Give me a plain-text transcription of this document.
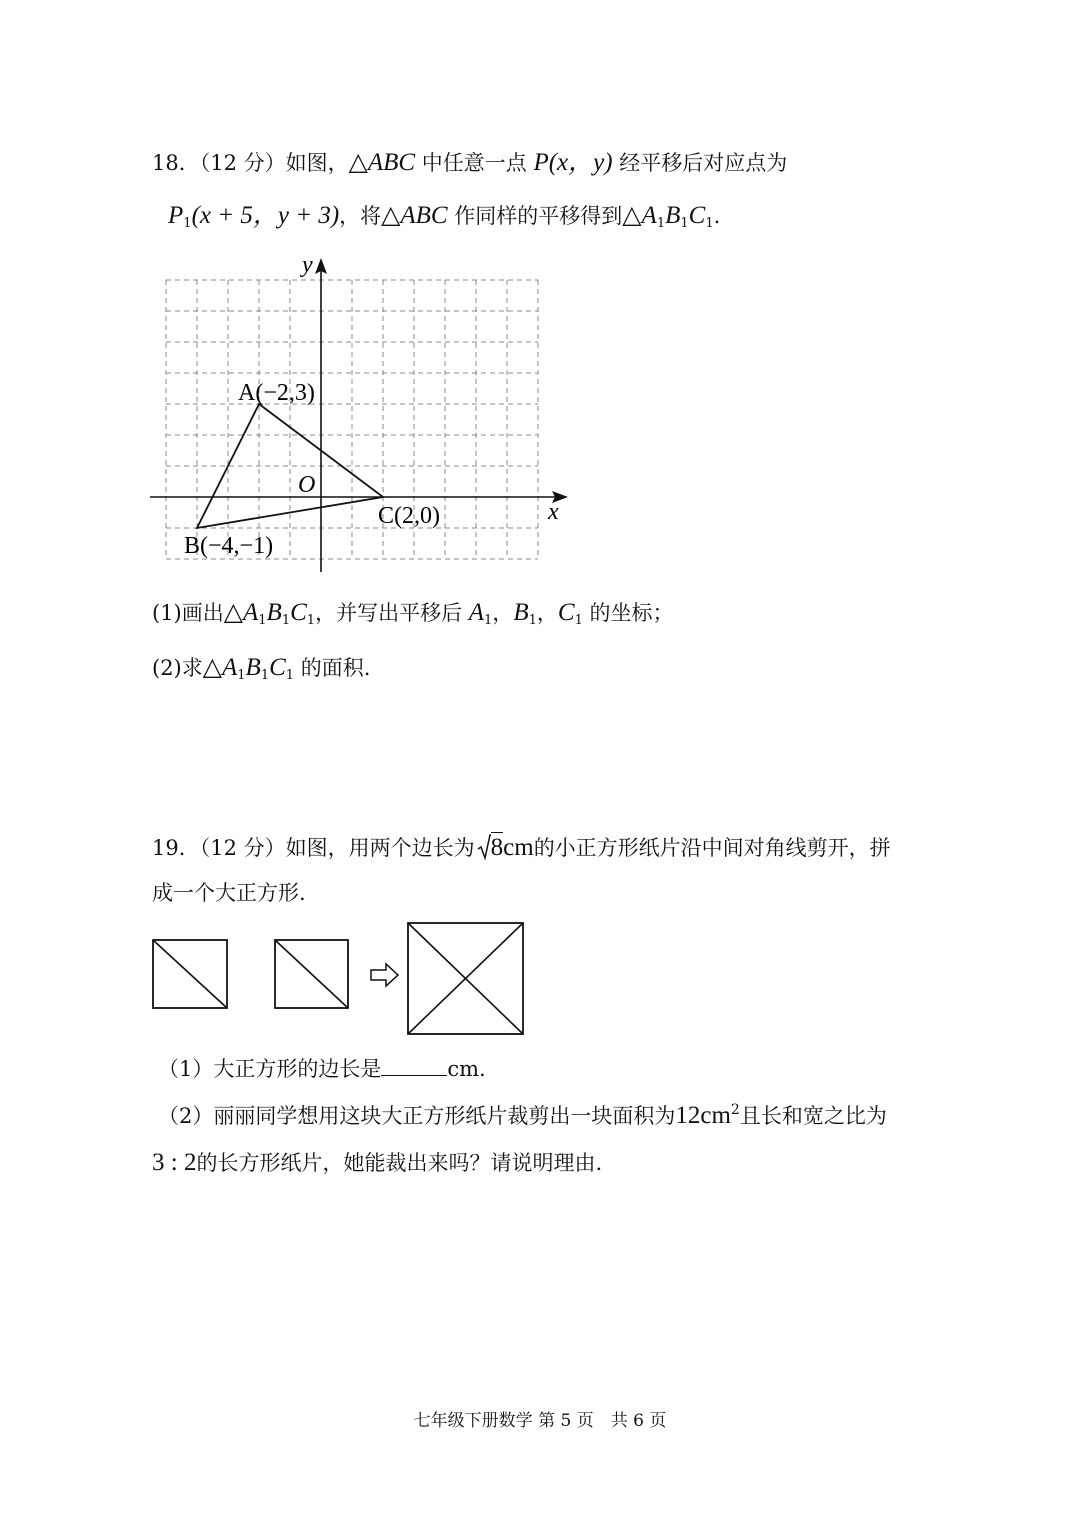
18．（12 分）如图，△ABC 中任意一点 P(x，y) 经平移后对应点为
$P_1(x + 5$，y + 3)，将△ABC 作同样的平移得到$\triangle A_1B_1C_1$.
y
x
O
A(−2,3)
B(−4,−1)
C(2,0)
(1)画出$\triangle A_1B_1C_1$，并写出平移后 $A_1$，$B_1$，$C_1$ 的坐标；
(2)求$\triangle A_1B_1C_1$ 的面积.
19．（12 分）如图，用两个边长为 8cm的小正方形纸片沿中间对角线剪开，拼
成一个大正方形.
（1）大正方形的边长是	cm.
（2）丽丽同学想用这块大正方形纸片裁剪出一块面积为$12cm^2$且长和宽之比为
3 : 2的长方形纸片，她能裁出来吗？请说明理由.
七年级下册数学 第 5 页　共 6 页
